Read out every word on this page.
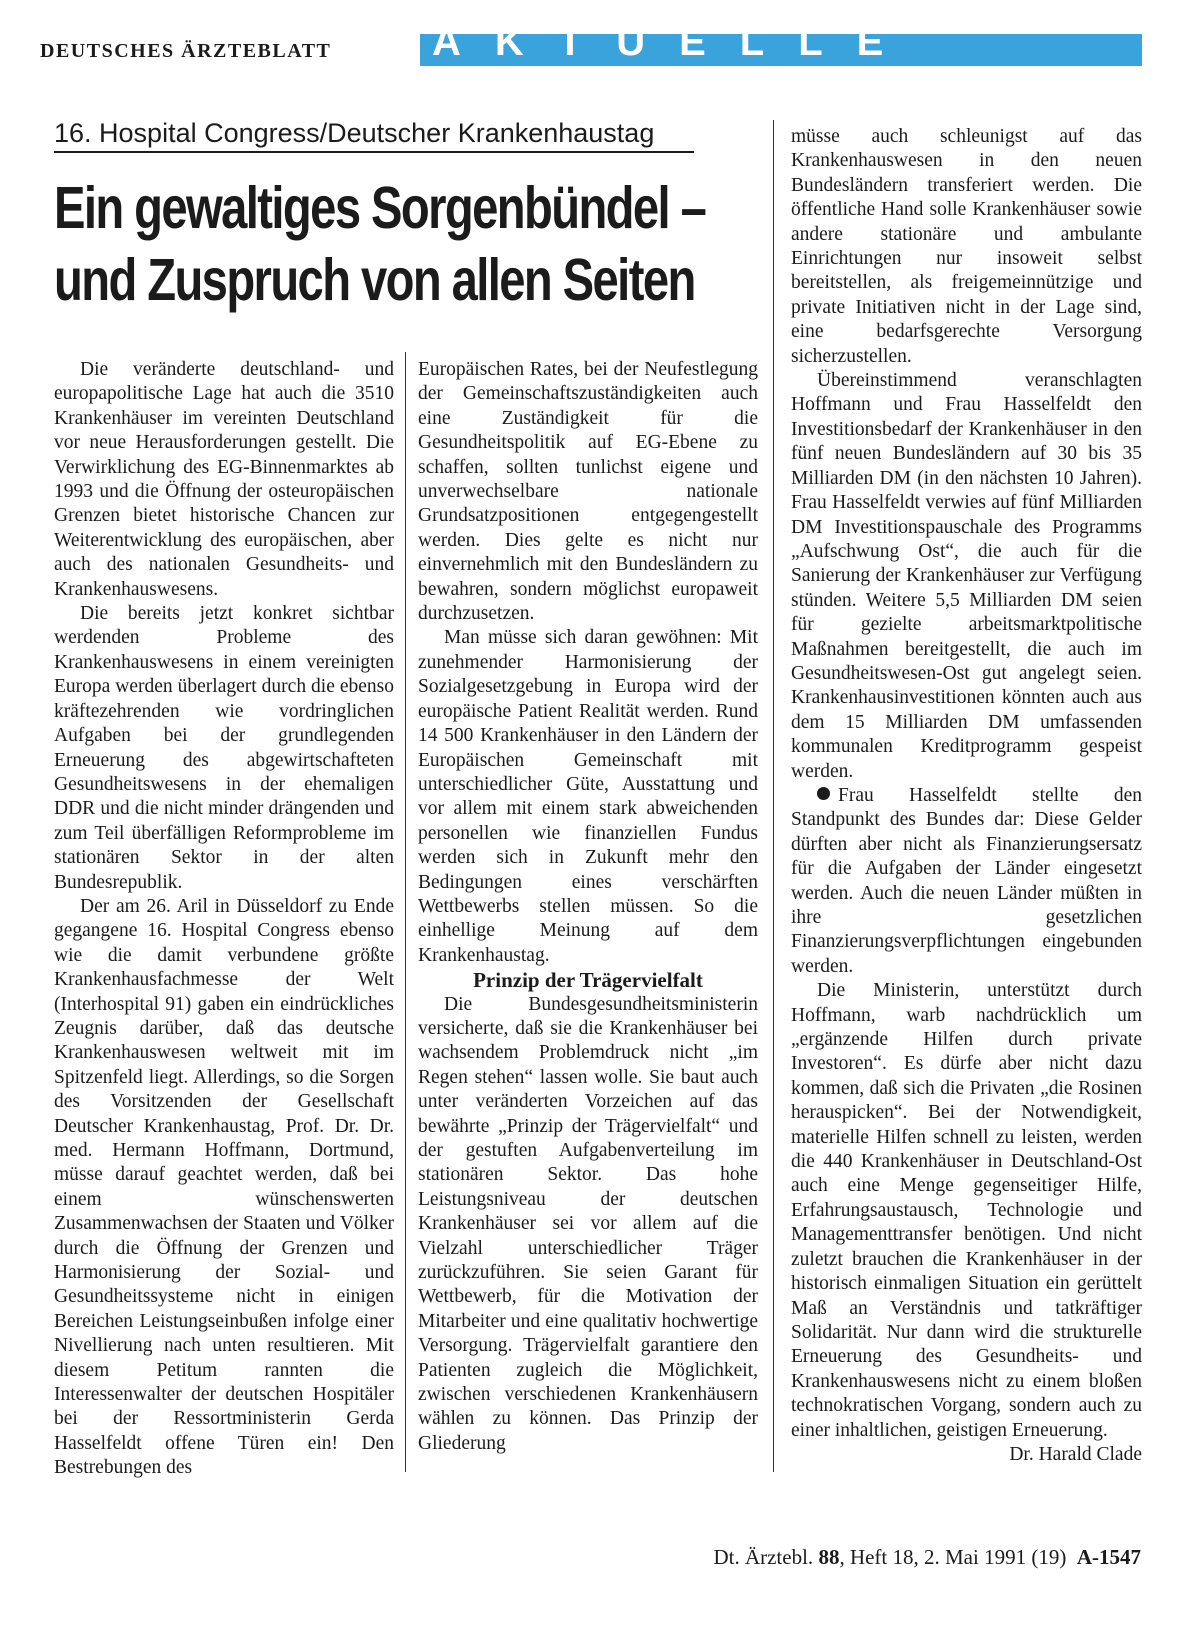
DEUTSCHES ÄRZTEBLATT	AKTUELLE POLITIK
16. Hospital Congress/Deutscher Krankenhaustag
Ein gewaltiges Sorgenbündel –
und Zuspruch von allen Seiten

Die veränderte deutschland- und europapolitische Lage hat auch die 3510 Krankenhäuser im vereinten Deutschland vor neue Herausforderungen gestellt. Die Verwirklichung des EG-Binnenmarktes ab 1993 und die Öffnung der osteuropäischen Grenzen bietet historische Chancen zur Weiterentwicklung des europäischen, aber auch des nationalen Gesundheits- und Krankenhauswesens.

Die bereits jetzt konkret sichtbar werdenden Probleme des Krankenhauswesens in einem vereinigten Europa werden überlagert durch die ebenso kräftezehrenden wie vordringlichen Aufgaben bei der grundlegenden Erneuerung des abgewirtschafteten Gesundheitswesens in der ehemaligen DDR und die nicht minder drängenden und zum Teil überfälligen Reformprobleme im stationären Sektor in der alten Bundesrepublik.

Der am 26. Aril in Düsseldorf zu Ende gegangene 16. Hospital Congress ebenso wie die damit verbundene größte Krankenhausfachmesse der Welt (Interhospital 91) gaben ein eindrückliches Zeugnis darüber, daß das deutsche Krankenhauswesen weltweit mit im Spitzenfeld liegt. Allerdings, so die Sorgen des Vorsitzenden der Gesellschaft Deutscher Krankenhaustag, Prof. Dr. Dr. med. Hermann Hoffmann, Dortmund, müsse darauf geachtet werden, daß bei einem wünschenswerten Zusammenwachsen der Staaten und Völker durch die Öffnung der Grenzen und Harmonisierung der Sozial- und Gesundheitssysteme nicht in einigen Bereichen Leistungseinbußen infolge einer Nivellierung nach unten resultieren. Mit diesem Petitum rannten die Interessenwalter der deutschen Hospitäler bei der Ressortministerin Gerda Hasselfeldt offene Türen ein! Den Bestrebungen des

Europäischen Rates, bei der Neufestlegung der Gemeinschaftszuständigkeiten auch eine Zuständigkeit für die Gesundheitspolitik auf EG-Ebene zu schaffen, sollten tunlichst eigene und unverwechselbare nationale Grundsatzpositionen entgegengestellt werden. Dies gelte es nicht nur einvernehmlich mit den Bundesländern zu bewahren, sondern möglichst europaweit durchzusetzen.

Man müsse sich daran gewöhnen: Mit zunehmender Harmonisierung der Sozialgesetzgebung in Europa wird der europäische Patient Realität werden. Rund 14 500 Krankenhäuser in den Ländern der Europäischen Gemeinschaft mit unterschiedlicher Güte, Ausstattung und vor allem mit einem stark abweichenden personellen wie finanziellen Fundus werden sich in Zukunft mehr den Bedingungen eines verschärften Wettbewerbs stellen müssen. So die einhellige Meinung auf dem Krankenhaustag.

Prinzip der Trägervielfalt

Die Bundesgesundheitsministerin versicherte, daß sie die Krankenhäuser bei wachsendem Problemdruck nicht „im Regen stehen“ lassen wolle. Sie baut auch unter veränderten Vorzeichen auf das bewährte „Prinzip der Trägervielfalt“ und der gestuften Aufgabenverteilung im stationären Sektor. Das hohe Leistungsniveau der deutschen Krankenhäuser sei vor allem auf die Vielzahl unterschiedlicher Träger zurückzuführen. Sie seien Garant für Wettbewerb, für die Motivation der Mitarbeiter und eine qualitativ hochwertige Versorgung. Trägervielfalt garantiere den Patienten zugleich die Möglichkeit, zwischen verschiedenen Krankenhäusern wählen zu können. Das Prinzip der Gliederung

müsse auch schleunigst auf das Krankenhauswesen in den neuen Bundesländern transferiert werden. Die öffentliche Hand solle Krankenhäuser sowie andere stationäre und ambulante Einrichtungen nur insoweit selbst bereitstellen, als freigemeinnützige und private Initiativen nicht in der Lage sind, eine bedarfsgerechte Versorgung sicherzustellen.

Übereinstimmend veranschlagten Hoffmann und Frau Hasselfeldt den Investitionsbedarf der Krankenhäuser in den fünf neuen Bundesländern auf 30 bis 35 Milliarden DM (in den nächsten 10 Jahren). Frau Hasselfeldt verwies auf fünf Milliarden DM Investitionspauschale des Programms „Aufschwung Ost“, die auch für die Sanierung der Krankenhäuser zur Verfügung stünden. Weitere 5,5 Milliarden DM seien für gezielte arbeitsmarktpolitische Maßnahmen bereitgestellt, die auch im Gesundheitswesen-Ost gut angelegt seien. Krankenhausinvestitionen könnten auch aus dem 15 Milliarden DM umfassenden kommunalen Kreditprogramm gespeist werden.

Frau Hasselfeldt stellte den Standpunkt des Bundes dar: Diese Gelder dürften aber nicht als Finanzierungsersatz für die Aufgaben der Länder eingesetzt werden. Auch die neuen Länder müßten in ihre gesetzlichen Finanzierungsverpflichtungen eingebunden werden.

Die Ministerin, unterstützt durch Hoffmann, warb nachdrücklich um „ergänzende Hilfen durch private Investoren“. Es dürfe aber nicht dazu kommen, daß sich die Privaten „die Rosinen herauspicken“. Bei der Notwendigkeit, materielle Hilfen schnell zu leisten, werden die 440 Krankenhäuser in Deutschland-Ost auch eine Menge gegenseitiger Hilfe, Erfahrungsaustausch, Technologie und Managementtransfer benötigen. Und nicht zuletzt brauchen die Krankenhäuser in der historisch einmaligen Situation ein gerüttelt Maß an Verständnis und tatkräftiger Solidarität. Nur dann wird die strukturelle Erneuerung des Gesundheits- und Krankenhauswesens nicht zu einem bloßen technokratischen Vorgang, sondern auch zu einer inhaltlichen, geistigen Erneuerung.

Dr. Harald Clade

Dt. Ärztebl. 88, Heft 18, 2. Mai 1991 (19) A-1547
